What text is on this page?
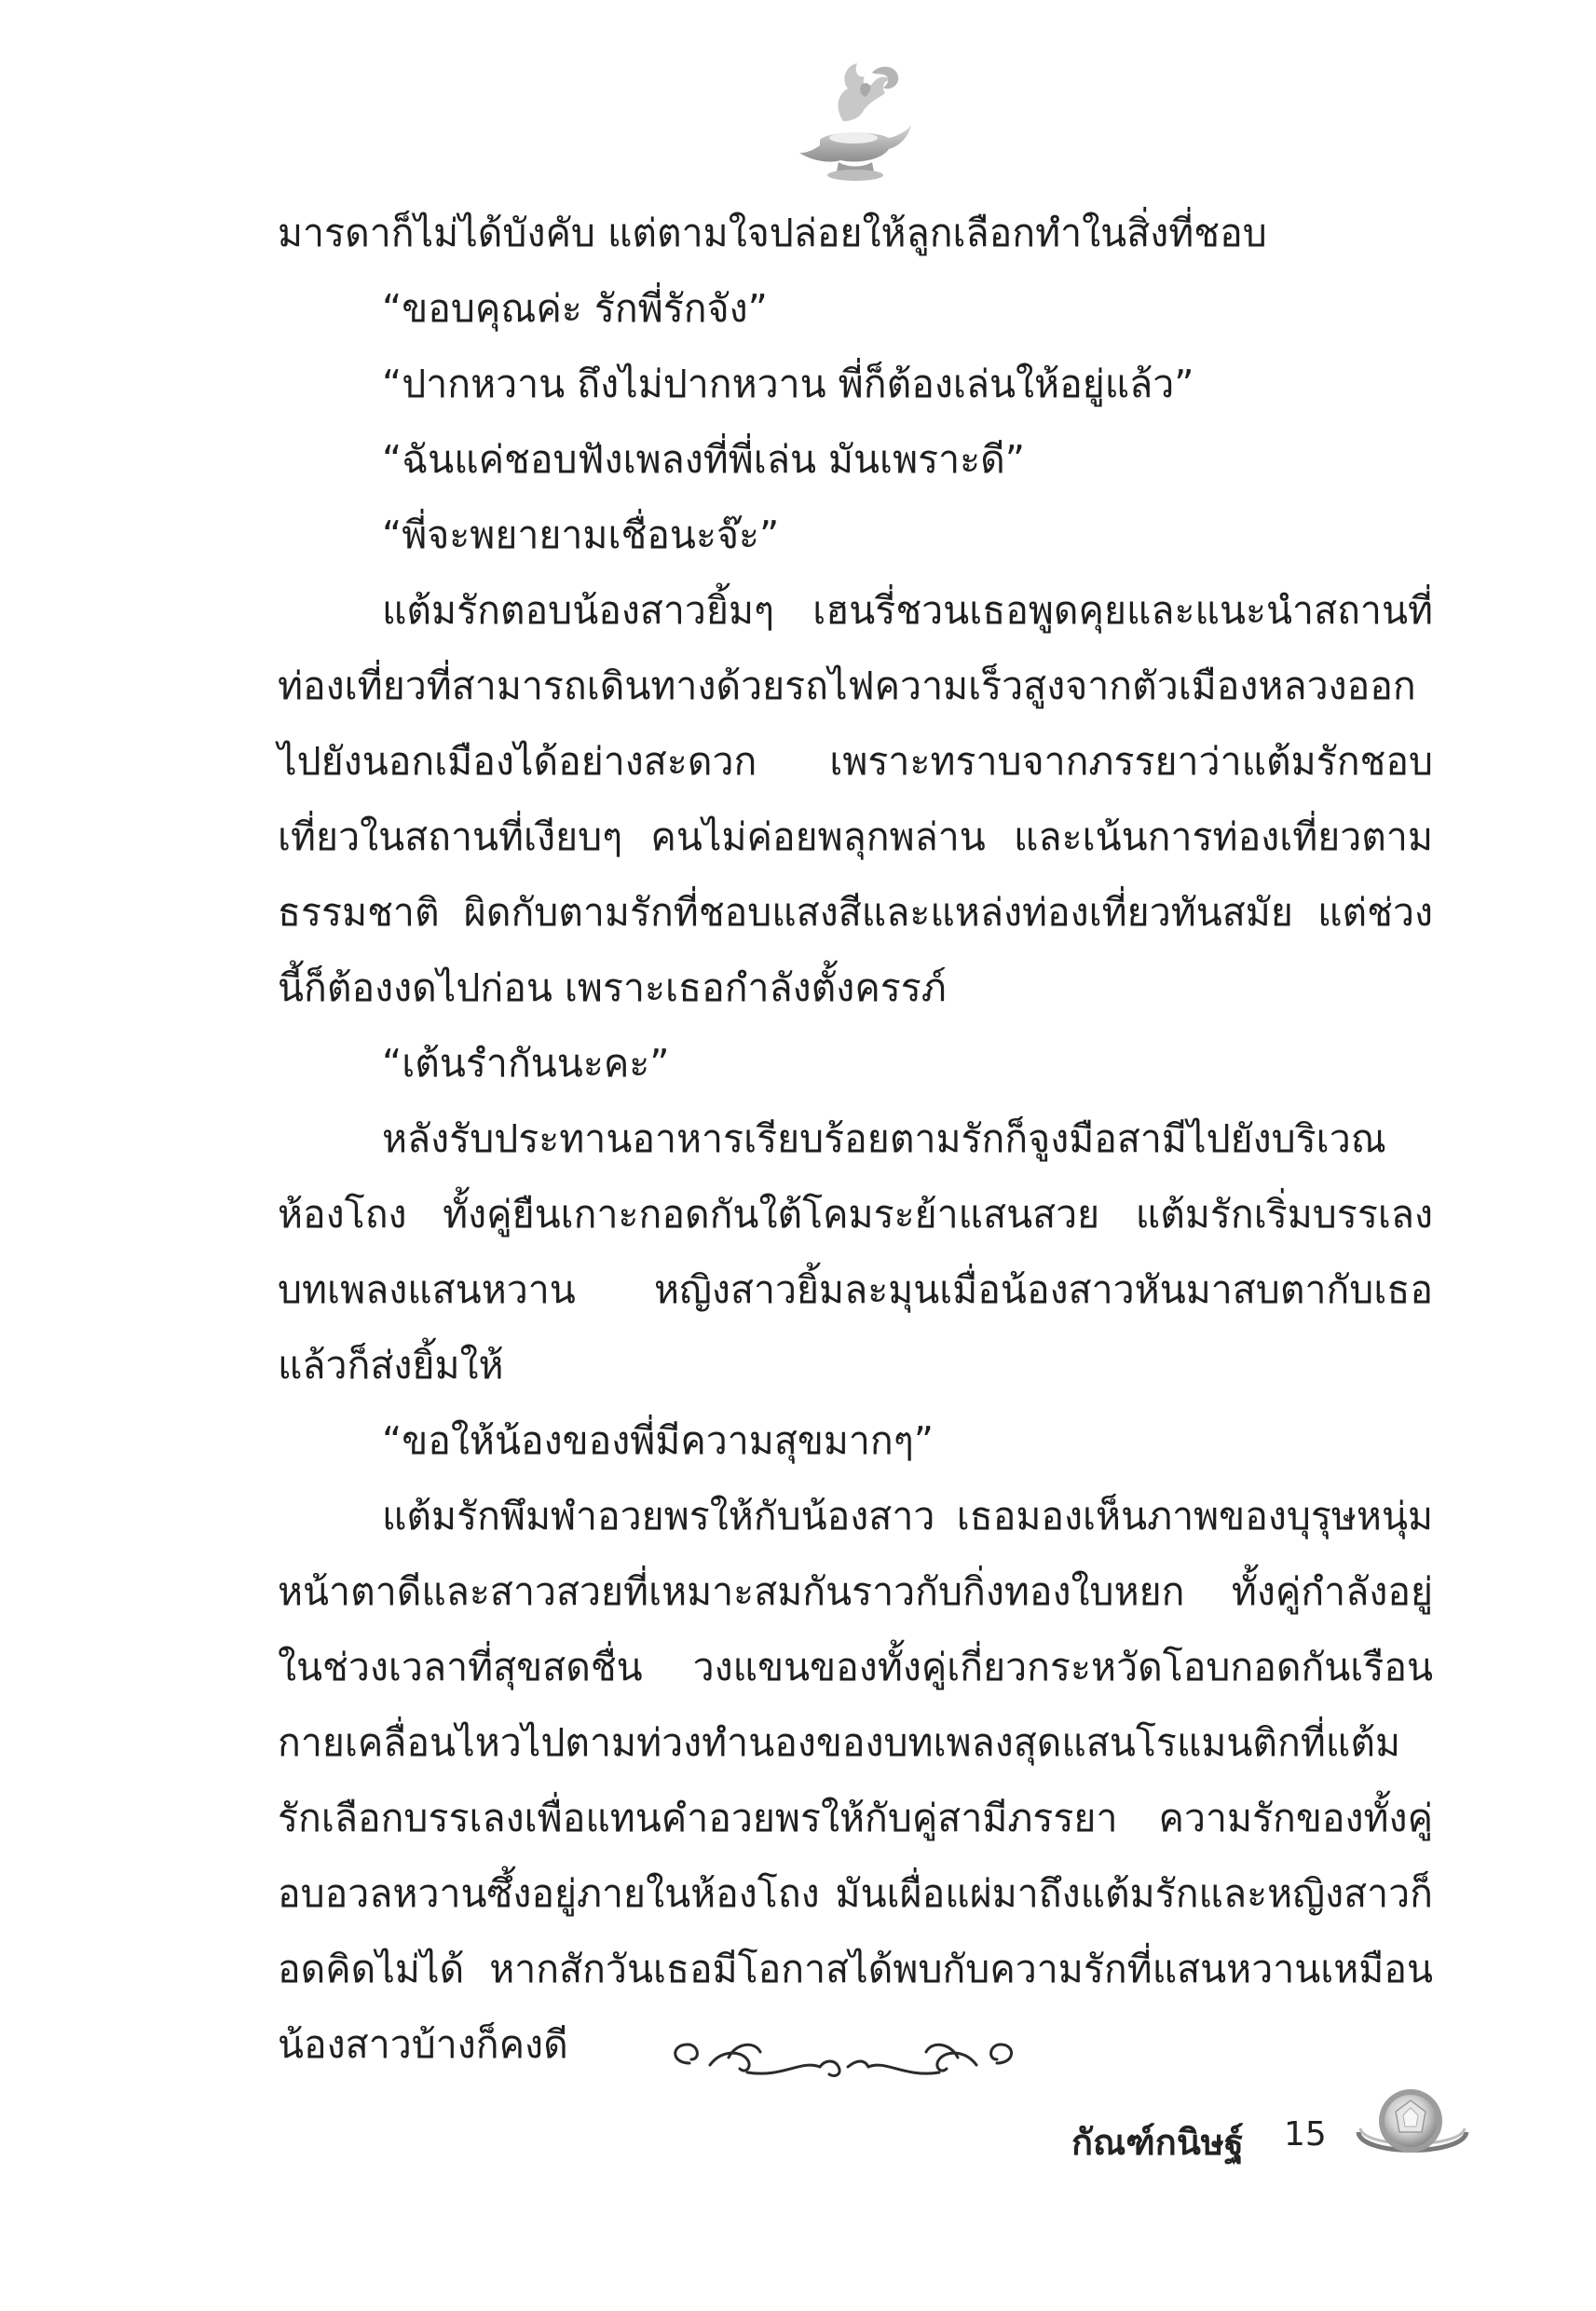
มารดาก็ไม่ได้บังคับ แต่ตามใจปล่อยให้ลูกเลือกทำในสิ่งที่ชอบ

“ขอบคุณค่ะ รักพี่รักจัง”

“ปากหวาน ถึงไม่ปากหวาน พี่ก็ต้องเล่นให้อยู่แล้ว”

“ฉันแค่ชอบฟังเพลงที่พี่เล่น มันเพราะดี”

“พี่จะพยายามเชื่อนะจ๊ะ”

แต้มรักตอบน้องสาวยิ้มๆ เฮนรี่ชวนเธอพูดคุยและแนะนำสถานที่ท่องเที่ยวที่สามารถเดินทางด้วยรถไฟความเร็วสูงจากตัวเมืองหลวงออกไปยังนอกเมืองได้อย่างสะดวก เพราะทราบจากภรรยาว่าแต้มรักชอบเที่ยวในสถานที่เงียบๆ คนไม่ค่อยพลุกพล่าน และเน้นการท่องเที่ยวตามธรรมชาติ ผิดกับตามรักที่ชอบแสงสีและแหล่งท่องเที่ยวทันสมัย แต่ช่วงนี้ก็ต้องงดไปก่อน เพราะเธอกำลังตั้งครรภ์

“เต้นรำกันนะคะ”

หลังรับประทานอาหารเรียบร้อยตามรักก็จูงมือสามีไปยังบริเวณห้องโถง ทั้งคู่ยืนเกาะกอดกันใต้โคมระย้าแสนสวย แต้มรักเริ่มบรรเลงบทเพลงแสนหวาน หญิงสาวยิ้มละมุนเมื่อน้องสาวหันมาสบตากับเธอแล้วก็ส่งยิ้มให้

“ขอให้น้องของพี่มีความสุขมากๆ”

แต้มรักพึมพำอวยพรให้กับน้องสาว เธอมองเห็นภาพของบุรุษหนุ่มหน้าตาดีและสาวสวยที่เหมาะสมกันราวกับกิ่งทองใบหยก ทั้งคู่กำลังอยู่ในช่วงเวลาที่สุขสดชื่น วงแขนของทั้งคู่เกี่ยวกระหวัดโอบกอดกันเรือนกายเคลื่อนไหวไปตามท่วงทำนองของบทเพลงสุดแสนโรแมนติกที่แต้มรักเลือกบรรเลงเพื่อแทนคำอวยพรให้กับคู่สามีภรรยา ความรักของทั้งคู่อบอวลหวานซึ้งอยู่ภายในห้องโถง มันเผื่อแผ่มาถึงแต้มรักและหญิงสาวก็อดคิดไม่ได้ หากสักวันเธอมีโอกาสได้พบกับความรักที่แสนหวานเหมือนน้องสาวบ้างก็คงดี

กัณฑ์กนิษฐ์ 15
